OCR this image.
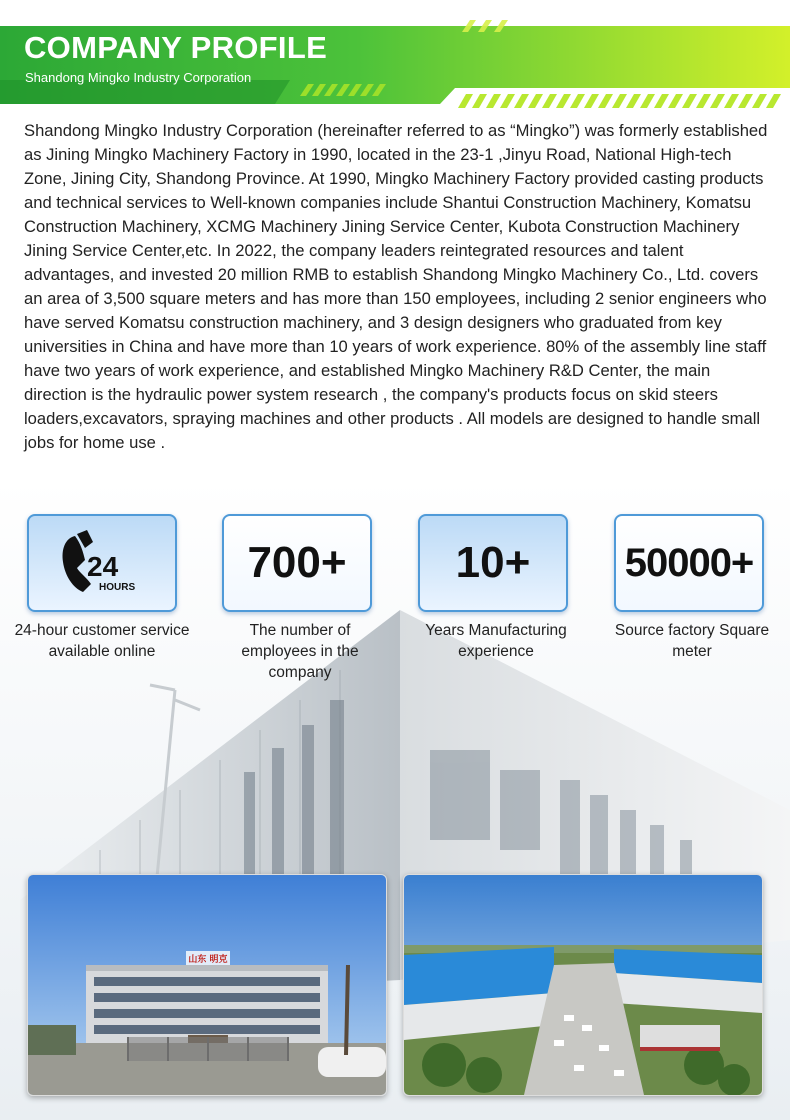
COMPANY PROFILE
Shandong Mingko Industry Corporation

Shandong Mingko Industry Corporation (hereinafter referred to as “Mingko”) was formerly established as Jining Mingko Machinery Factory in 1990, located in the 23-1 ,Jinyu Road, National High-tech Zone, Jining City, Shandong Province. At 1990, Mingko Machinery Factory provided casting products and technical services to Well-known companies include Shantui Construction Machinery, Komatsu Construction Machinery, XCMG Machinery Jining Service Center, Kubota Construction Machinery Jining Service Center,etc. In 2022, the company leaders reintegrated resources and talent advantages, and invested 20 million RMB to establish Shandong Mingko Machinery Co., Ltd. covers an area of 3,500 square meters and has more than 150 employees, including 2 senior engineers who have served Komatsu construction machinery, and 3 design designers who graduated from key universities in China and have more than 10 years of work experience. 80% of the assembly line staff have two years of work experience, and established Mingko Machinery R&D Center, the main direction is the hydraulic power system research , the company's products focus on skid steers loaders,excavators, spraying machines and other products . All models are designed to handle small jobs for home use .

24
HOURS
700+ 10+ 50000+
24-hour customer service available online
The number of employees in the company
Years Manufacturing experience
Source factory Square meter
山东 明克
